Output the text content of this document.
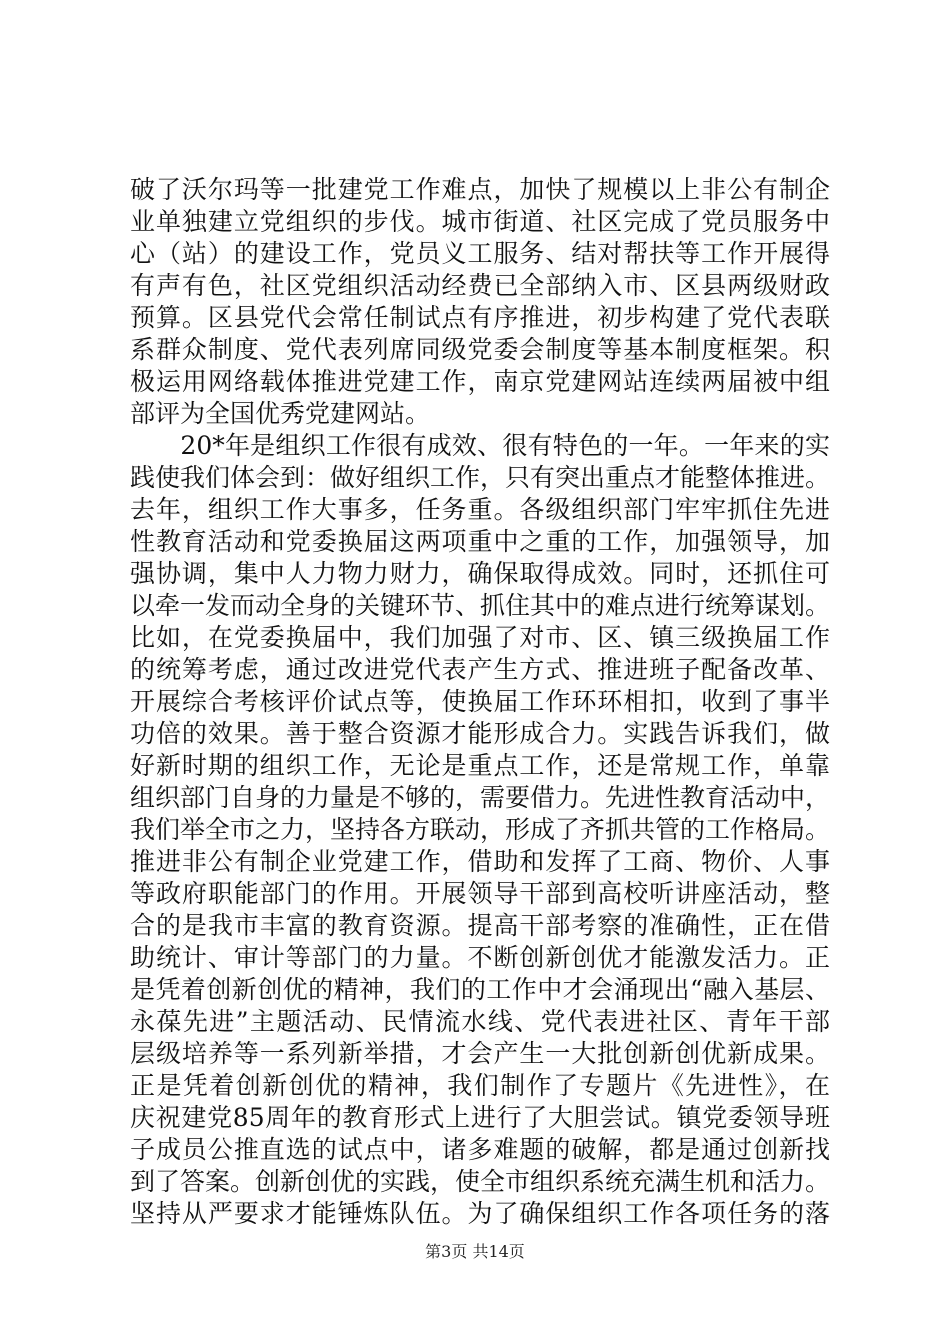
破了沃尔玛等一批建党工作难点，加快了规模以上非公有制企
业单独建立党组织的步伐。城市街道、社区完成了党员服务中
心（站）的建设工作，党员义工服务、结对帮扶等工作开展得
有声有色，社区党组织活动经费已全部纳入市、区县两级财政
预算。区县党代会常任制试点有序推进，初步构建了党代表联
系群众制度、党代表列席同级党委会制度等基本制度框架。积
极运用网络载体推进党建工作，南京党建网站连续两届被中组
部评为全国优秀党建网站。
　　20*年是组织工作很有成效、很有特色的一年。一年来的实
践使我们体会到：做好组织工作，只有突出重点才能整体推进。
去年，组织工作大事多，任务重。各级组织部门牢牢抓住先进
性教育活动和党委换届这两项重中之重的工作，加强领导，加
强协调，集中人力物力财力，确保取得成效。同时，还抓住可
以牵一发而动全身的关键环节、抓住其中的难点进行统筹谋划。
比如，在党委换届中，我们加强了对市、区、镇三级换届工作
的统筹考虑，通过改进党代表产生方式、推进班子配备改革、
开展综合考核评价试点等，使换届工作环环相扣，收到了事半
功倍的效果。善于整合资源才能形成合力。实践告诉我们，做
好新时期的组织工作，无论是重点工作，还是常规工作，单靠
组织部门自身的力量是不够的，需要借力。先进性教育活动中，
我们举全市之力，坚持各方联动，形成了齐抓共管的工作格局。
推进非公有制企业党建工作，借助和发挥了工商、物价、人事
等政府职能部门的作用。开展领导干部到高校听讲座活动，整
合的是我市丰富的教育资源。提高干部考察的准确性，正在借
助统计、审计等部门的力量。不断创新创优才能激发活力。正
是凭着创新创优的精神，我们的工作中才会涌现出“融入基层、
永葆先进”主题活动、民情流水线、党代表进社区、青年干部
层级培养等一系列新举措，才会产生一大批创新创优新成果。
正是凭着创新创优的精神，我们制作了专题片《先进性》，在
庆祝建党85周年的教育形式上进行了大胆尝试。镇党委领导班
子成员公推直选的试点中，诸多难题的破解，都是通过创新找
到了答案。创新创优的实践，使全市组织系统充满生机和活力。
坚持从严要求才能锤炼队伍。为了确保组织工作各项任务的落
第3页 共14页
